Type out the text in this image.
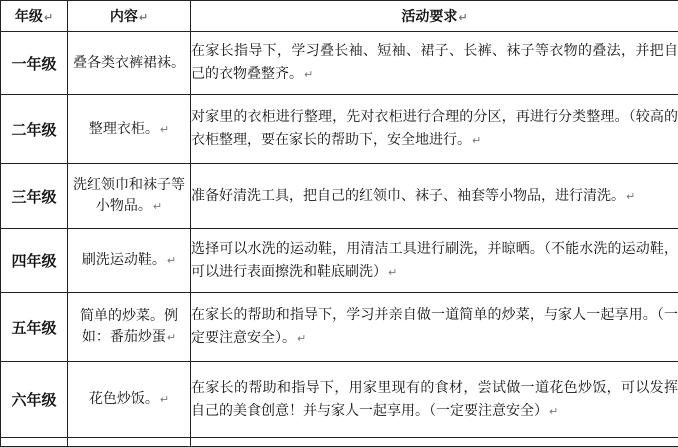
年级↵	内容↵	活动要求↵
一年级	叠各类衣裤裙袜。	在家长指导下，学习叠长袖、短袖、裙子、长裤、袜子等衣物的叠法，并把自己的衣物叠整齐。↵
二年级	整理衣柜。↵	对家里的衣柜进行整理，先对衣柜进行合理的分区，再进行分类整理。（较高的衣柜整理，要在家长的帮助下，安全地进行。↵
三年级	洗红领巾和袜子等小物品。↵	准备好清洗工具，把自己的红领巾、袜子、袖套等小物品，进行清洗。↵
四年级	刷洗运动鞋。↵	选择可以水洗的运动鞋，用清洁工具进行刷洗，并晾晒。（不能水洗的运动鞋，可以进行表面擦洗和鞋底刷洗）↵
五年级	简单的炒菜。例如：番茄炒蛋↵	在家长的帮助和指导下，学习并亲自做一道简单的炒菜，与家人一起享用。（一定要注意安全）。↵
六年级	花色炒饭。↵	在家长的帮助和指导下，用家里现有的食材，尝试做一道花色炒饭，可以发挥自己的美食创意！并与家人一起享用。（一定要注意安全）↵
